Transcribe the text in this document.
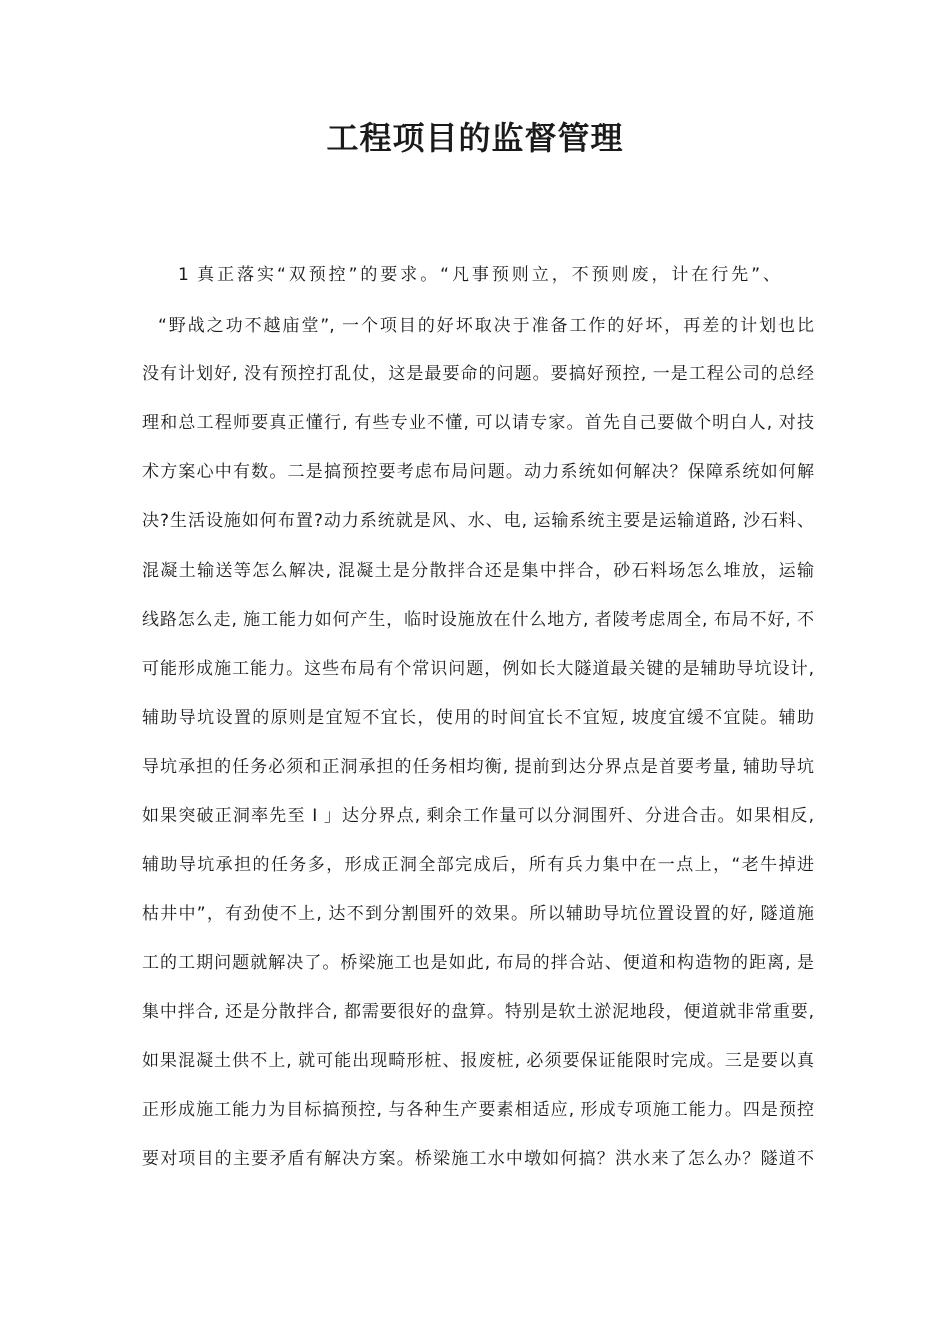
工程项目的监督管理
1 真正落实“双预控”的要求。“凡事预则立，不预则废，计在行先”、
“野战之功不越庙堂”, 一个项目的好坏取决于准备工作的好坏，再差的计划也比
没有计划好, 没有预控打乱仗，这是最要命的问题。要搞好预控, 一是工程公司的总经
理和总工程师要真正懂行, 有些专业不懂, 可以请专家。首先自己要做个明白人, 对技
术方案心中有数。二是搞预控要考虑布局问题。动力系统如何解决？保障系统如何解
决?生活设施如何布置?动力系统就是风、水、电, 运输系统主要是运输道路, 沙石料、
混凝土输送等怎么解决, 混凝土是分散拌合还是集中拌合，砂石料场怎么堆放，运输
线路怎么走, 施工能力如何产生，临时设施放在什么地方, 者陵考虑周全, 布局不好, 不
可能形成施工能力。这些布局有个常识问题，例如长大隧道最关键的是辅助导坑设计,
辅助导坑设置的原则是宜短不宜长，使用的时间宜长不宜短, 坡度宜缓不宜陡。辅助
导坑承担的任务必须和正洞承担的任务相均衡, 提前到达分界点是首要考量, 辅助导坑
如果突破正洞率先至 I 」达分界点, 剩余工作量可以分洞围歼、分进合击。如果相反,
辅助导坑承担的任务多，形成正洞全部完成后，所有兵力集中在一点上，“老牛掉进
枯井中”，有劲使不上, 达不到分割围歼的效果。所以辅助导坑位置设置的好, 隧道施
工的工期问题就解决了。桥梁施工也是如此, 布局的拌合站、便道和构造物的距离, 是
集中拌合, 还是分散拌合, 都需要很好的盘算。特别是软土淤泥地段，便道就非常重要,
如果混凝土供不上, 就可能出现畸形桩、报废桩, 必须要保证能限时完成。三是要以真
正形成施工能力为目标搞预控, 与各种生产要素相适应, 形成专项施工能力。四是预控
要对项目的主要矛盾有解决方案。桥梁施工水中墩如何搞？洪水来了怎么办？隧道不
